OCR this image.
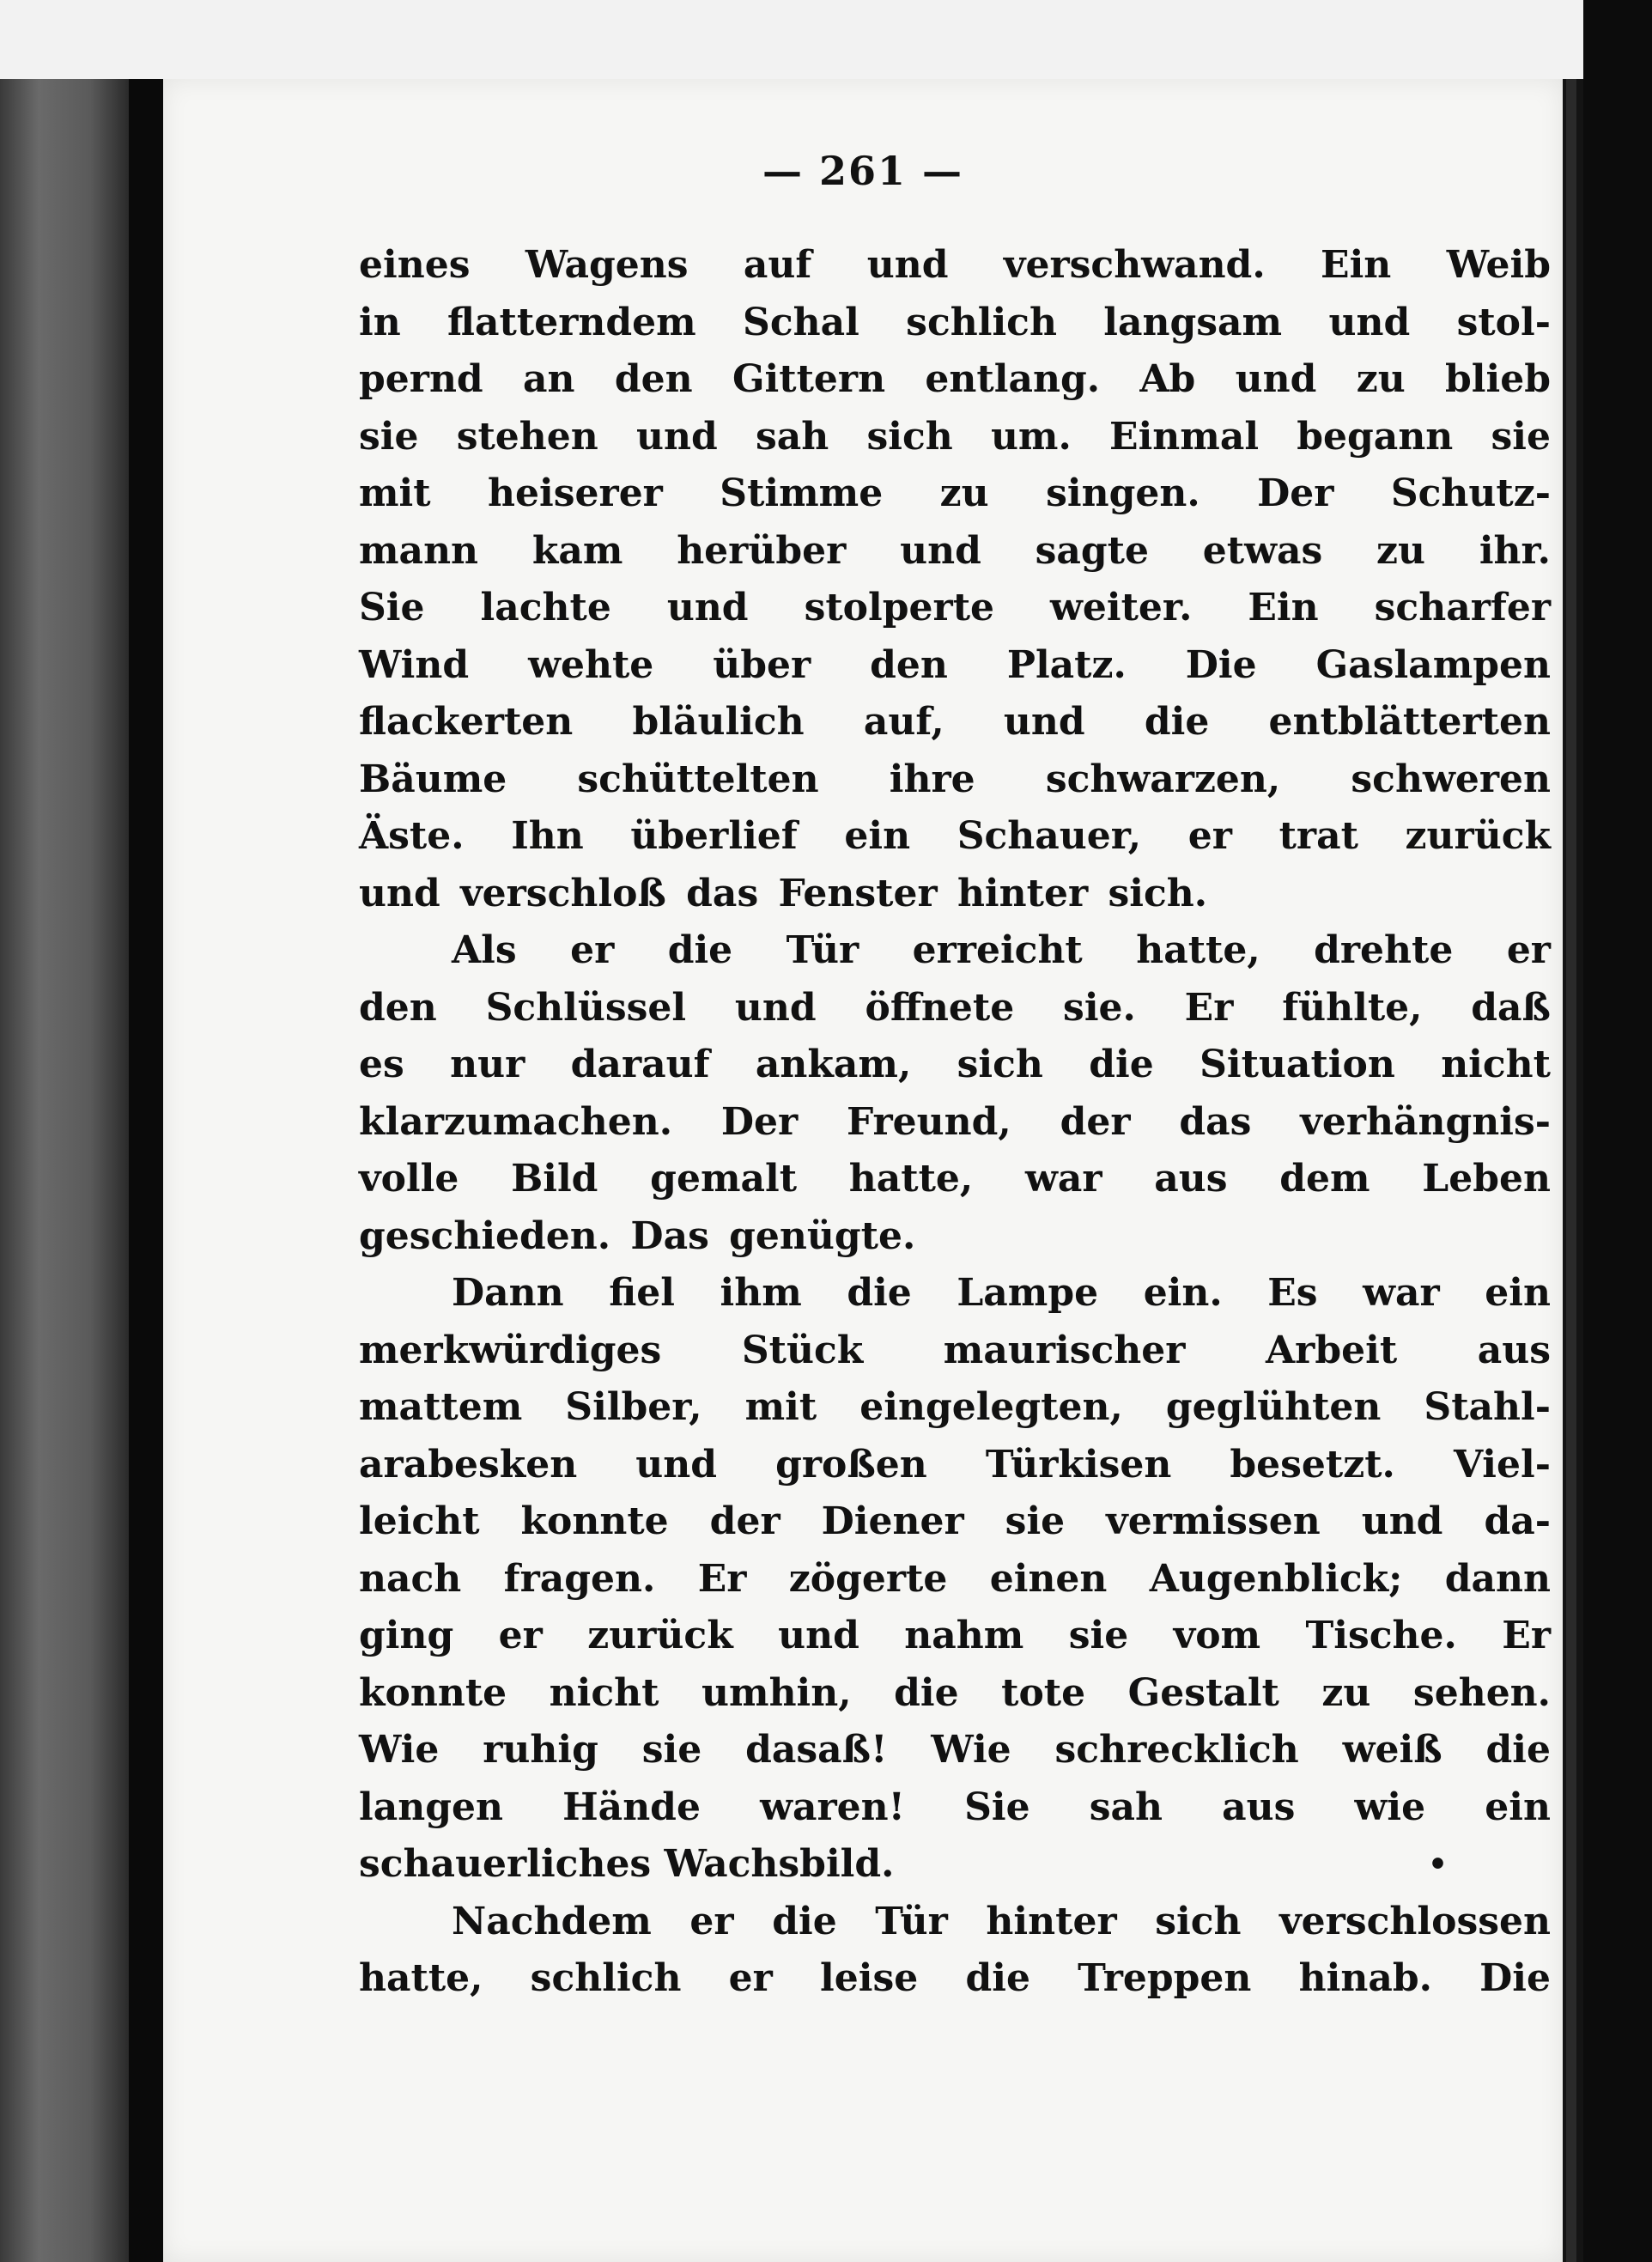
— 261 —
eines Wagens auf und verschwand. Ein Weib
in flatterndem Schal schlich langsam und stol-
pernd an den Gittern entlang. Ab und zu blieb
sie stehen und sah sich um. Einmal begann sie
mit heiserer Stimme zu singen. Der Schutz-
mann kam herüber und sagte etwas zu ihr.
Sie lachte und stolperte weiter. Ein scharfer
Wind wehte über den Platz. Die Gaslampen
flackerten bläulich auf, und die entblätterten
Bäume schüttelten ihre schwarzen, schweren
Äste. Ihn überlief ein Schauer, er trat zurück
und verschloß das Fenster hinter sich.
Als er die Tür erreicht hatte, drehte er
den Schlüssel und öffnete sie. Er fühlte, daß
es nur darauf ankam, sich die Situation nicht
klarzumachen. Der Freund, der das verhängnis-
volle Bild gemalt hatte, war aus dem Leben
geschieden. Das genügte.
Dann fiel ihm die Lampe ein. Es war ein
merkwürdiges Stück maurischer Arbeit aus
mattem Silber, mit eingelegten, geglühten Stahl-
arabesken und großen Türkisen besetzt. Viel-
leicht konnte der Diener sie vermissen und da-
nach fragen. Er zögerte einen Augenblick; dann
ging er zurück und nahm sie vom Tische. Er
konnte nicht umhin, die tote Gestalt zu sehen.
Wie ruhig sie dasaß! Wie schrecklich weiß die
langen Hände waren! Sie sah aus wie ein
schauerliches Wachsbild.	•
Nachdem er die Tür hinter sich verschlossen
hatte, schlich er leise die Treppen hinab. Die
